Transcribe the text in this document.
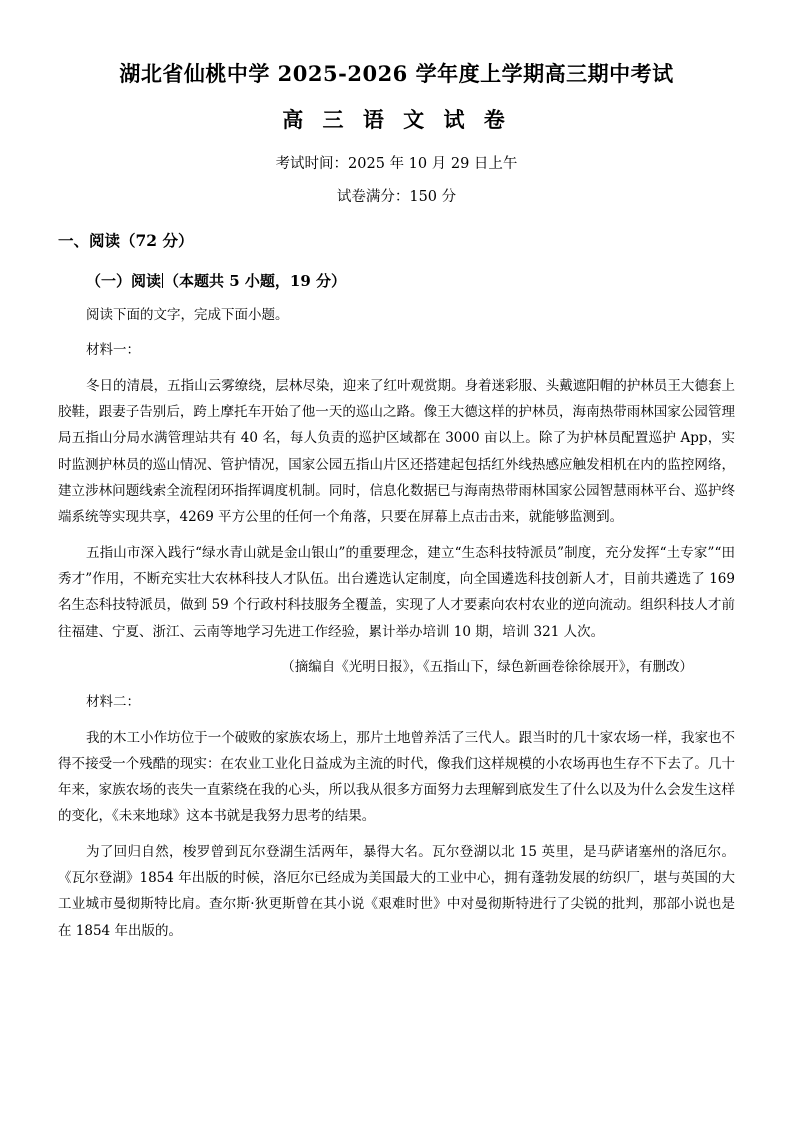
湖北省仙桃中学 2025-2026 学年度上学期高三期中考试
高 三 语 文 试 卷
考试时间：2025 年 10 月 29 日上午
试卷满分：150 分
一、阅读（72 分）
（一）阅读 （本题共 5 小题，19 分）

阅读下面的文字，完成下面小题。

材料一：

冬日的清晨，五指山云雾缭绕，层林尽染，迎来了红叶观赏期。身着迷彩服、头戴遮阳帽的护林员王大德套上胶鞋，跟妻子告别后，跨上摩托车开始了他一天的巡山之路。像王大德这样的护林员，海南热带雨林国家公园管理局五指山分局水满管理站共有 40 名，每人负责的巡护区域都在 3000 亩以上。除了为护林员配置巡护 App，实时监测护林员的巡山情况、管护情况，国家公园五指山片区还搭建起包括红外线热感应触发相机在内的监控网络，建立涉林问题线索全流程闭环指挥调度机制。同时，信息化数据已与海南热带雨林国家公园智慧雨林平台、巡护终端系统等实现共享，4269 平方公里的任何一个角落，只要在屏幕上点击击来，就能够监测到。

五指山市深入践行“绿水青山就是金山银山”的重要理念，建立“生态科技特派员”制度，充分发挥“土专家”“田秀才”作用，不断充实壮大农林科技人才队伍。出台遴选认定制度，向全国遴选科技创新人才，目前共遴选了 169 名生态科技特派员，做到 59 个行政村科技服务全覆盖，实现了人才要素向农村农业的逆向流动。组织科技人才前往福建、宁夏、浙江、云南等地学习先进工作经验，累计举办培训 10 期，培训 321 人次。

（摘编自《光明日报》，《五指山下，绿色新画卷徐徐展开》，有删改）

材料二：

我的木工小作坊位于一个破败的家族农场上，那片土地曾养活了三代人。跟当时的几十家农场一样，我家也不得不接受一个残酷的现实：在农业工业化日益成为主流的时代，像我们这样规模的小农场再也生存不下去了。几十年来，家族农场的丧失一直萦绕在我的心头，所以我从很多方面努力去理解到底发生了什么以及为什么会发生这样的变化，《未来地球》这本书就是我努力思考的结果。

为了回归自然，梭罗曾到瓦尔登湖生活两年，暴得大名。瓦尔登湖以北 15 英里，是马萨诸塞州的洛厄尔。《瓦尔登湖》1854 年出版的时候，洛厄尔已经成为美国最大的工业中心，拥有蓬勃发展的纺织厂，堪与英国的大工业城市曼彻斯特比肩。查尔斯·狄更斯曾在其小说《艰难时世》中对曼彻斯特进行了尖锐的批判，那部小说也是在 1854 年出版的。
